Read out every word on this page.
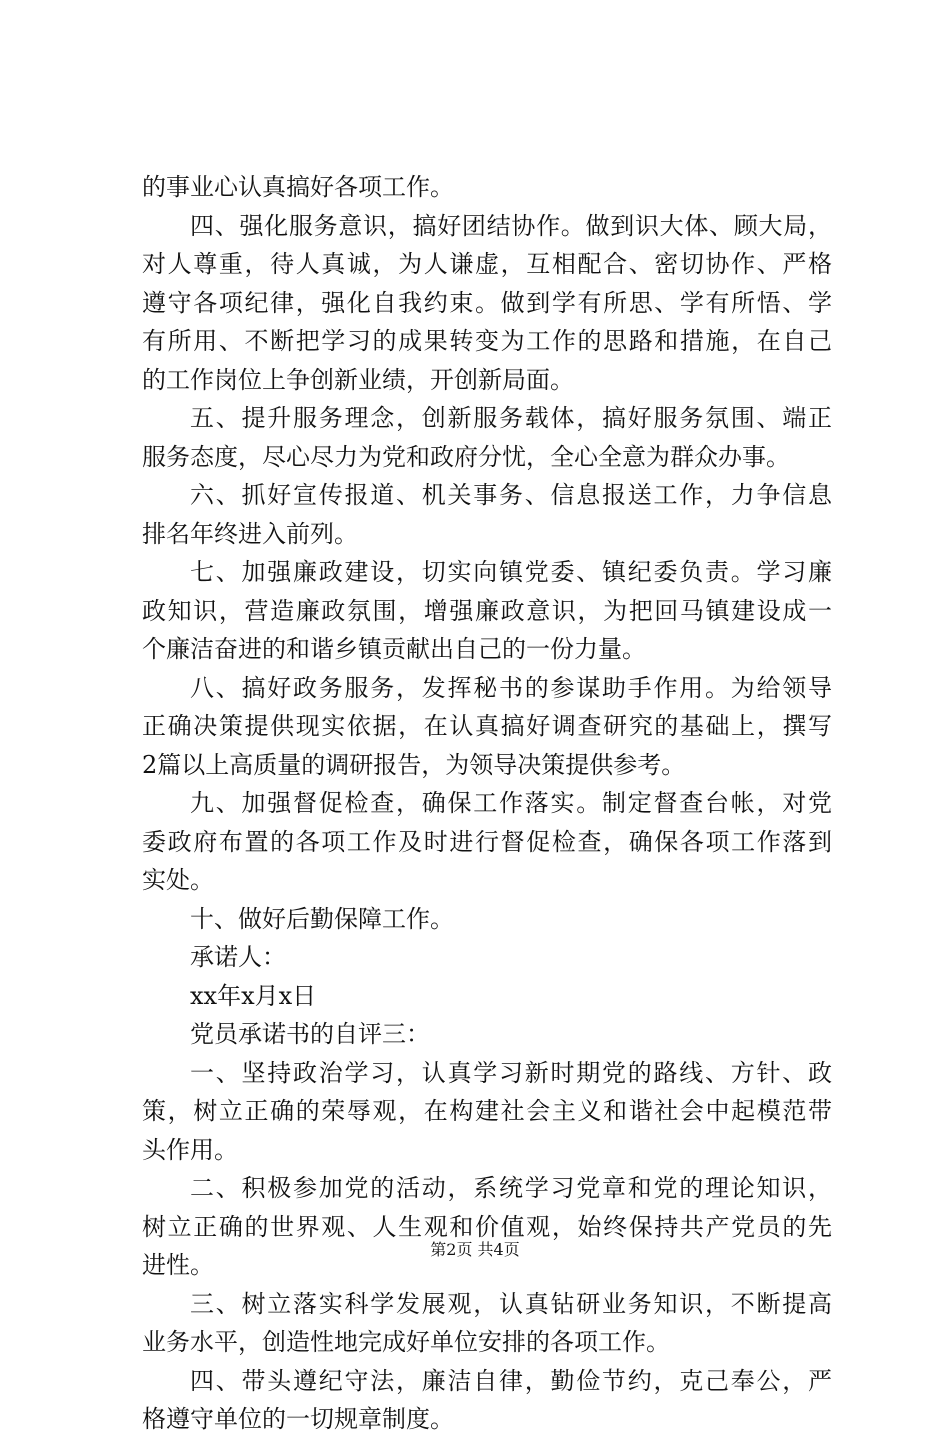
的事业心认真搞好各项工作。
四、强化服务意识，搞好团结协作。做到识大体、顾大局，
对人尊重，待人真诚，为人谦虚，互相配合、密切协作、严格
遵守各项纪律，强化自我约束。做到学有所思、学有所悟、学
有所用、不断把学习的成果转变为工作的思路和措施，在自己
的工作岗位上争创新业绩，开创新局面。
五、提升服务理念，创新服务载体，搞好服务氛围、端正
服务态度，尽心尽力为党和政府分忧，全心全意为群众办事。
六、抓好宣传报道、机关事务、信息报送工作，力争信息
排名年终进入前列。
七、加强廉政建设，切实向镇党委、镇纪委负责。学习廉
政知识，营造廉政氛围，增强廉政意识，为把回马镇建设成一
个廉洁奋进的和谐乡镇贡献出自己的一份力量。
八、搞好政务服务，发挥秘书的参谋助手作用。为给领导
正确决策提供现实依据，在认真搞好调查研究的基础上，撰写
2篇以上高质量的调研报告，为领导决策提供参考。
九、加强督促检查，确保工作落实。制定督查台帐，对党
委政府布置的各项工作及时进行督促检查，确保各项工作落到
实处。
十、做好后勤保障工作。
承诺人：
xx年x月x日
党员承诺书的自评三：
一、坚持政治学习，认真学习新时期党的路线、方针、政
策，树立正确的荣辱观，在构建社会主义和谐社会中起模范带
头作用。
二、积极参加党的活动，系统学习党章和党的理论知识，
树立正确的世界观、人生观和价值观，始终保持共产党员的先
进性。
三、树立落实科学发展观，认真钻研业务知识，不断提高
业务水平，创造性地完成好单位安排的各项工作。
四、带头遵纪守法，廉洁自律，勤俭节约，克己奉公，严
格遵守单位的一切规章制度。
第2页 共4页
